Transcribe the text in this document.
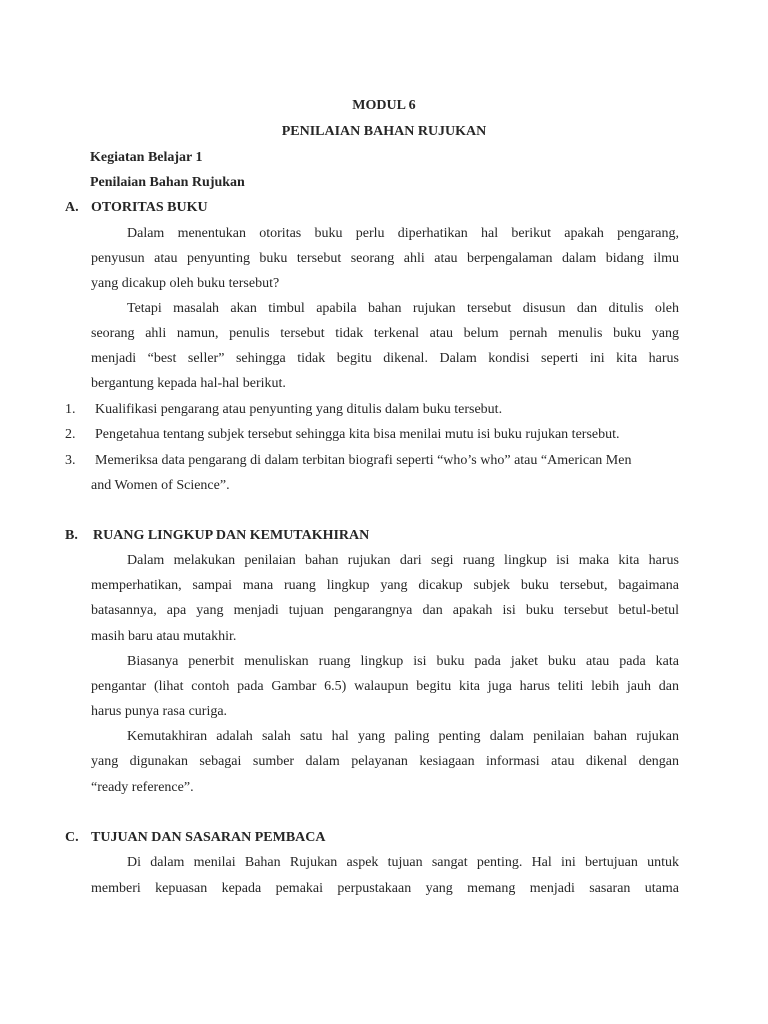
MODUL 6
PENILAIAN BAHAN RUJUKAN
Kegiatan Belajar 1
Penilaian Bahan Rujukan
A. OTORITAS BUKU
Dalam menentukan otoritas buku perlu diperhatikan hal berikut apakah pengarang,
penyusun atau penyunting buku tersebut seorang ahli atau berpengalaman dalam bidang ilmu
yang dicakup oleh buku tersebut?
Tetapi masalah akan timbul apabila bahan rujukan tersebut disusun dan ditulis oleh
seorang ahli namun, penulis tersebut tidak terkenal atau belum pernah menulis buku yang
menjadi “best seller” sehingga tidak begitu dikenal. Dalam kondisi seperti ini kita harus
bergantung kepada hal-hal berikut.
1. Kualifikasi pengarang atau penyunting yang ditulis dalam buku tersebut.
2. Pengetahua tentang subjek tersebut sehingga kita bisa menilai mutu isi buku rujukan tersebut.
3. Memeriksa data pengarang di dalam terbitan biografi seperti “who’s who” atau “American Men
and Women of Science”.
B. RUANG LINGKUP DAN KEMUTAKHIRAN
Dalam melakukan penilaian bahan rujukan dari segi ruang lingkup isi maka kita harus
memperhatikan, sampai mana ruang lingkup yang dicakup subjek buku tersebut, bagaimana
batasannya, apa yang menjadi tujuan pengarangnya dan apakah isi buku tersebut betul-betul
masih baru atau mutakhir.
Biasanya penerbit menuliskan ruang lingkup isi buku pada jaket buku atau pada kata
pengantar (lihat contoh pada Gambar 6.5) walaupun begitu kita juga harus teliti lebih jauh dan
harus punya rasa curiga.
Kemutakhiran adalah salah satu hal yang paling penting dalam penilaian bahan rujukan
yang digunakan sebagai sumber dalam pelayanan kesiagaan informasi atau dikenal dengan
“ready reference”.
C. TUJUAN DAN SASARAN PEMBACA
Di dalam menilai Bahan Rujukan aspek tujuan sangat penting. Hal ini bertujuan untuk
memberi kepuasan kepada pemakai perpustakaan yang memang menjadi sasaran utama
